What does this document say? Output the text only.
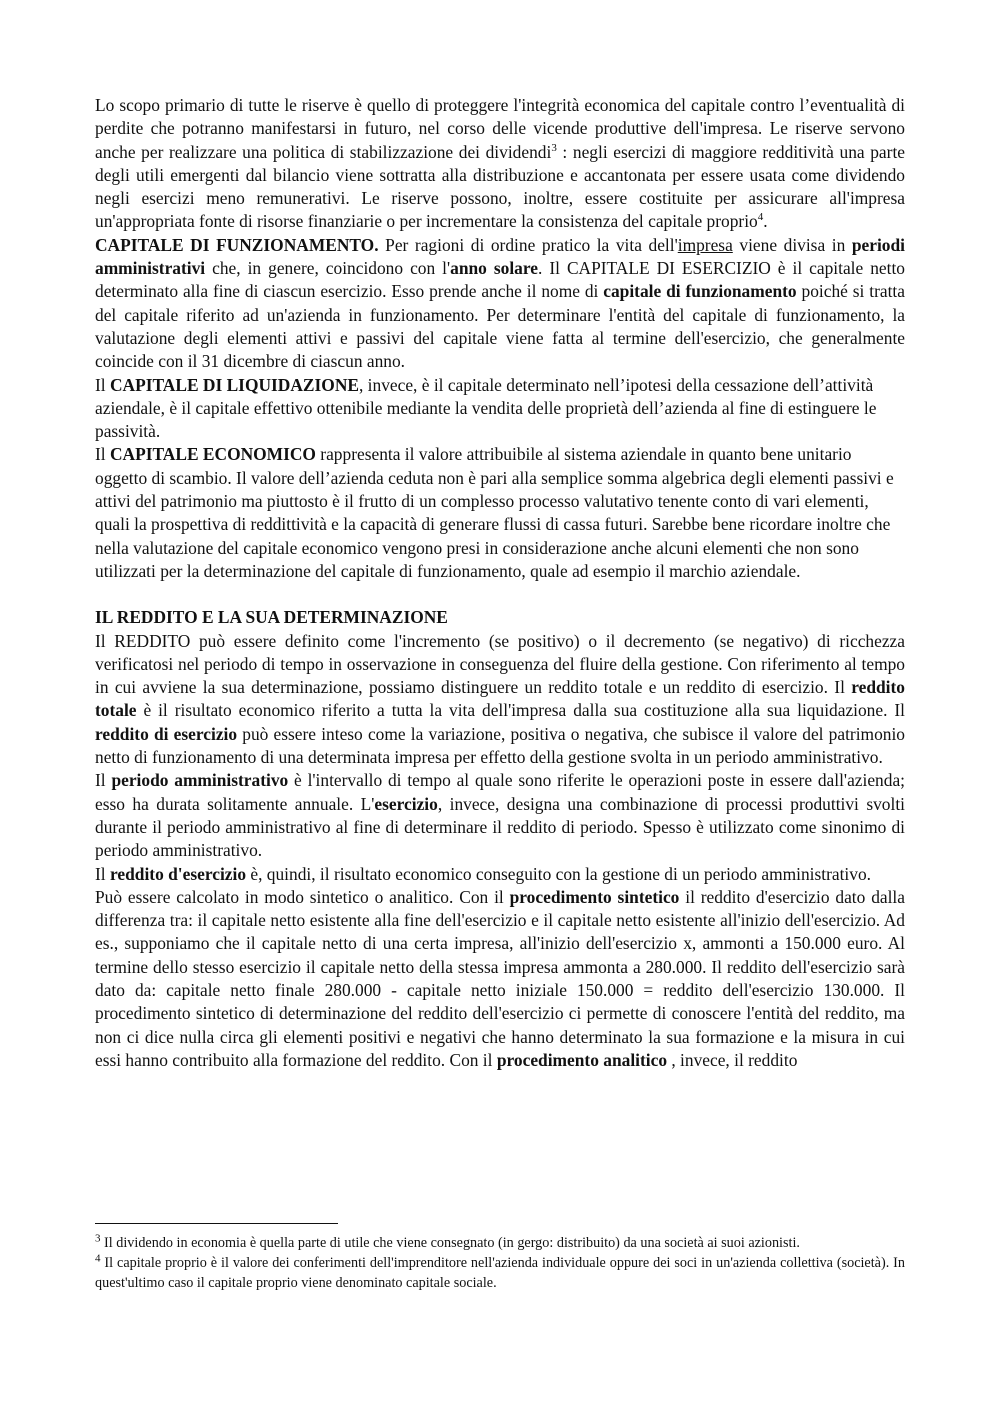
Lo scopo primario di tutte le riserve è quello di proteggere l'integrità economica del capitale contro l’eventualità di perdite che potranno manifestarsi in futuro, nel corso delle vicende produttive dell'impresa. Le riserve servono anche per realizzare una politica di stabilizzazione dei dividendi$^3$ : negli esercizi di maggiore redditività una parte degli utili emergenti dal bilancio viene sottratta alla distribuzione e accantonata per essere usata come dividendo negli esercizi meno remunerativi. Le riserve possono, inoltre, essere costituite per assicurare all'impresa un'appropriata fonte di risorse finanziarie o per incrementare la consistenza del capitale proprio$^4$.

CAPITALE DI FUNZIONAMENTO. Per ragioni di ordine pratico la vita dell'impresa viene divisa in periodi amministrativi che, in genere, coincidono con l'anno solare. Il CAPITALE DI ESERCIZIO è il capitale netto determinato alla fine di ciascun esercizio. Esso prende anche il nome di capitale di funzionamento poiché si tratta del capitale riferito ad un'azienda in funzionamento. Per determinare l'entità del capitale di funzionamento, la valutazione degli elementi attivi e passivi del capitale viene fatta al termine dell'esercizio, che generalmente coincide con il 31 dicembre di ciascun anno.

Il CAPITALE DI LIQUIDAZIONE, invece, è il capitale determinato nell’ipotesi della cessazione dell’attività aziendale, è il capitale effettivo ottenibile mediante la vendita delle proprietà dell’azienda al fine di estinguere le passività.

Il CAPITALE ECONOMICO rappresenta il valore attribuibile al sistema aziendale in quanto bene unitario oggetto di scambio. Il valore dell’azienda ceduta non è pari alla semplice somma algebrica degli elementi passivi e attivi del patrimonio ma piuttosto è il frutto di un complesso processo valutativo tenente conto di vari elementi, quali la prospettiva di reddittività e la capacità di generare flussi di cassa futuri. Sarebbe bene ricordare inoltre che nella valutazione del capitale economico vengono presi in considerazione anche alcuni elementi che non sono utilizzati per la determinazione del capitale di funzionamento, quale ad esempio il marchio aziendale.

IL REDDITO E LA SUA DETERMINAZIONE

Il REDDITO può essere definito come l'incremento (se positivo) o il decremento (se negativo) di ricchezza verificatosi nel periodo di tempo in osservazione in conseguenza del fluire della gestione. Con riferimento al tempo in cui avviene la sua determinazione, possiamo distinguere un reddito totale e un reddito di esercizio. Il reddito totale è il risultato economico riferito a tutta la vita dell'impresa dalla sua costituzione alla sua liquidazione. Il reddito di esercizio può essere inteso come la variazione, positiva o negativa, che subisce il valore del patrimonio netto di funzionamento di una determinata impresa per effetto della gestione svolta in un periodo amministrativo.

Il periodo amministrativo è l'intervallo di tempo al quale sono riferite le operazioni poste in essere dall'azienda; esso ha durata solitamente annuale. L'esercizio, invece, designa una combinazione di processi produttivi svolti durante il periodo amministrativo al fine di determinare il reddito di periodo. Spesso è utilizzato come sinonimo di periodo amministrativo.

Il reddito d'esercizio è, quindi, il risultato economico conseguito con la gestione di un periodo amministrativo.

Può essere calcolato in modo sintetico o analitico. Con il procedimento sintetico il reddito d'esercizio dato dalla differenza tra: il capitale netto esistente alla fine dell'esercizio e il capitale netto esistente all'inizio dell'esercizio. Ad es., supponiamo che il capitale netto di una certa impresa, all'inizio dell'esercizio x, ammonti a 150.000 euro. Al termine dello stesso esercizio il capitale netto della stessa impresa ammonta a 280.000. Il reddito dell'esercizio sarà dato da: capitale netto finale 280.000 - capitale netto iniziale 150.000 = reddito dell'esercizio 130.000. Il procedimento sintetico di determinazione del reddito dell'esercizio ci permette di conoscere l'entità del reddito, ma non ci dice nulla circa gli elementi positivi e negativi che hanno determinato la sua formazione e la misura in cui essi hanno contribuito alla formazione del reddito. Con il procedimento analitico , invece, il reddito

$^3$ Il dividendo in economia è quella parte di utile che viene consegnato (in gergo: distribuito) da una società ai suoi azionisti.

$^4$ Il capitale proprio è il valore dei conferimenti dell'imprenditore nell'azienda individuale oppure dei soci in un'azienda collettiva (società). In quest'ultimo caso il capitale proprio viene denominato capitale sociale.
